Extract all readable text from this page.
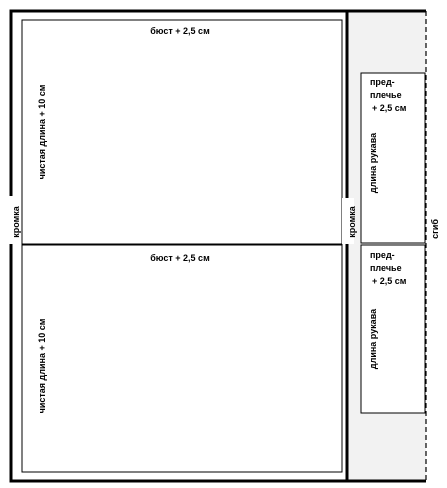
бюст + 2,5 см
бюст + 2,5 см
чистая длина + 10 см
чистая длина + 10 см
кромка	кромка	сгиб
пред-
плечье
+ 2,5 см
длина рукава
пред-
плечье
+ 2,5 см
длина рукава
